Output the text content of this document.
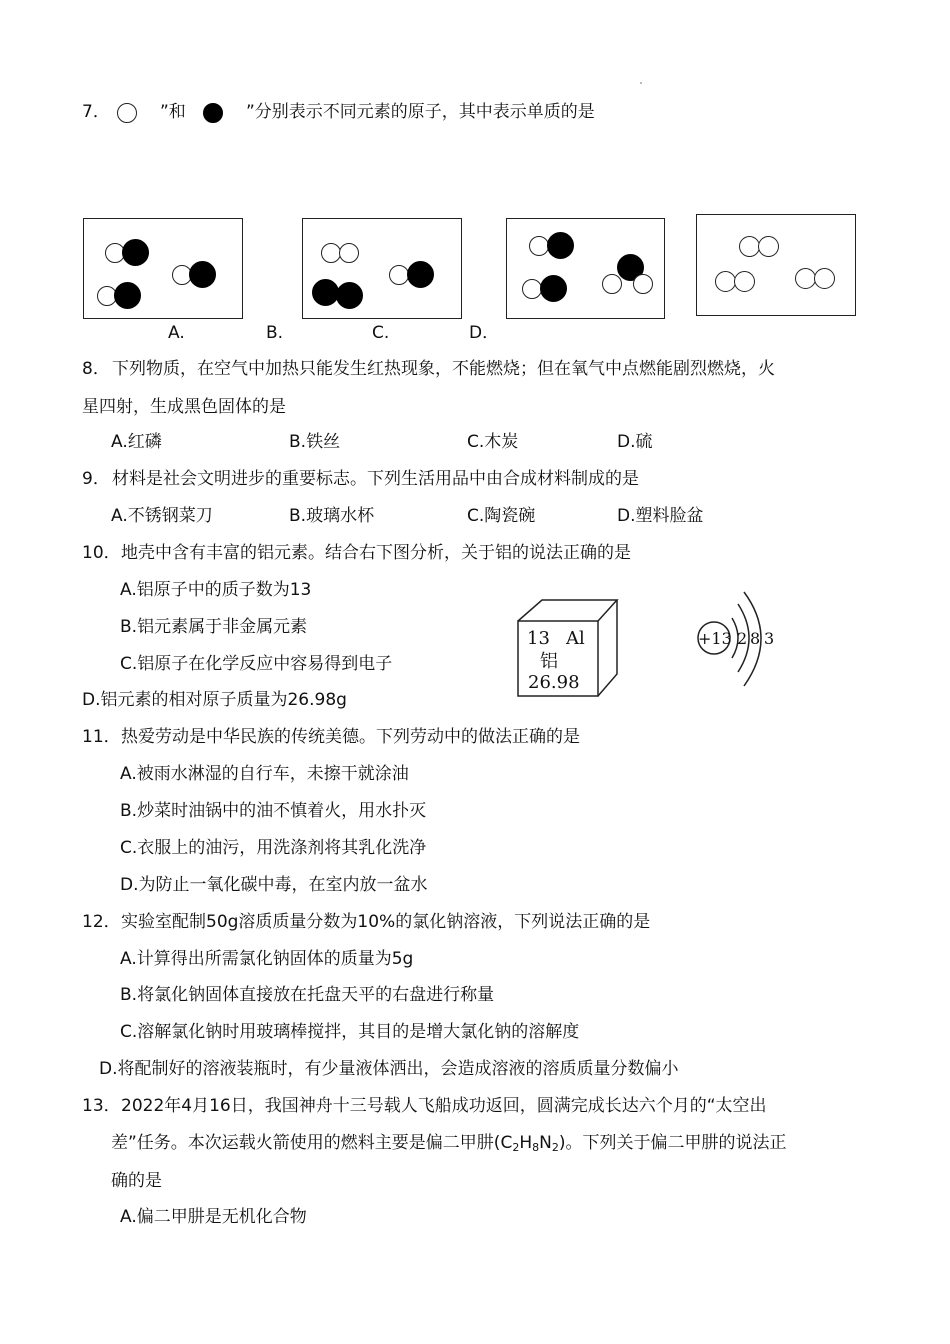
7．	”和	”分别表示不同元素的原子，其中表示单质的是
A.	B.	C.	D．
8． 下列物质，在空气中加热只能发生红热现象，不能燃烧；但在氧气中点燃能剧烈燃烧，火
星四射，生成黑色固体的是
A.红磷	B.铁丝	C.木炭	D.硫
9． 材料是社会文明进步的重要标志。下列生活用品中由合成材料制成的是
A.不锈钢菜刀	B.玻璃水杯	C.陶瓷碗	D.塑料脸盆
10． 地壳中含有丰富的铝元素。结合右下图分析，关于铝的说法正确的是
A.铝原子中的质子数为13
B.铝元素属于非金属元素
C.铝原子在化学反应中容易得到电子
D.铝元素的相对原子质量为26.98g
13 Al
铝
26.98
+13 2 8 3
11． 热爱劳动是中华民族的传统美德。下列劳动中的做法正确的是
A.被雨水淋湿的自行车，未擦干就涂油
B.炒菜时油锅中的油不慎着火，用水扑灭
C.衣服上的油污，用洗涤剂将其乳化洗净
D.为防止一氧化碳中毒，在室内放一盆水
12． 实验室配制50g溶质质量分数为10%的氯化钠溶液，下列说法正确的是
A.计算得出所需氯化钠固体的质量为5g
B.将氯化钠固体直接放在托盘天平的右盘进行称量
C.溶解氯化钠时用玻璃棒搅拌，其目的是增大氯化钠的溶解度
D.将配制好的溶液装瓶时，有少量液体洒出，会造成溶液的溶质质量分数偏小
13． 2022年4月16日，我国神舟十三号载人飞船成功返回，圆满完成长达六个月的“太空出
差”任务。本次运载火箭使用的燃料主要是偏二甲肼$(C_2H_8N_2)$。下列关于偏二甲肼的说法正
确的是
A.偏二甲肼是无机化合物
